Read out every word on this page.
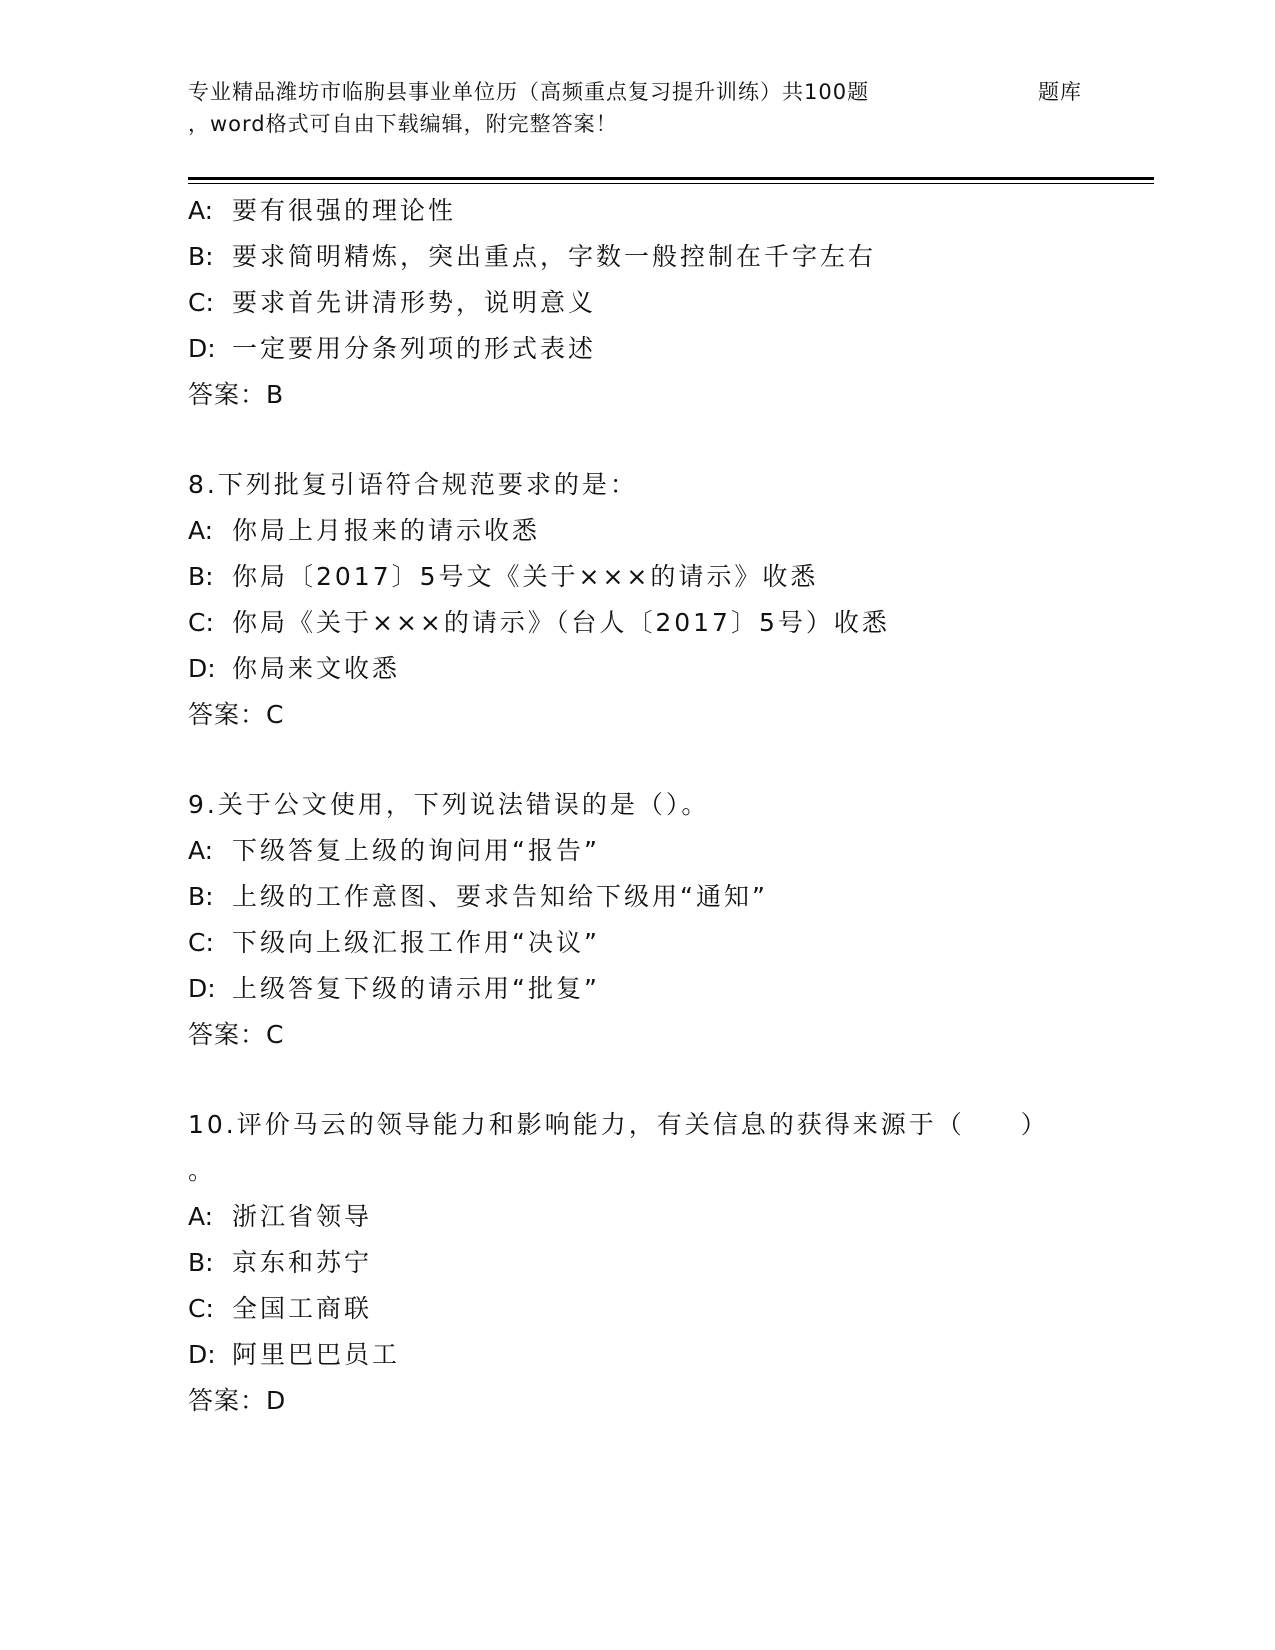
专业精品潍坊市临朐县事业单位历（高频重点复习提升训练）共100题	题库
，word格式可自由下载编辑，附完整答案！
A: 要有很强的理论性
B: 要求简明精炼，突出重点，字数一般控制在千字左右
C: 要求首先讲清形势，说明意义
D: 一定要用分条列项的形式表述
答案：B
8.下列批复引语符合规范要求的是：
A: 你局上月报来的请示收悉
B: 你局〔2017〕5号文《关于×××的请示》收悉
C: 你局《关于×××的请示》（台人〔2017〕5号）收悉
D: 你局来文收悉
答案：C
9.关于公文使用，下列说法错误的是（）。
A: 下级答复上级的询问用“报告”
B: 上级的工作意图、要求告知给下级用“通知”
C: 下级向上级汇报工作用“决议”
D: 上级答复下级的请示用“批复”
答案：C
10.评价马云的领导能力和影响能力，有关信息的获得来源于（　　）
。
A: 浙江省领导
B: 京东和苏宁
C: 全国工商联
D: 阿里巴巴员工
答案：D
